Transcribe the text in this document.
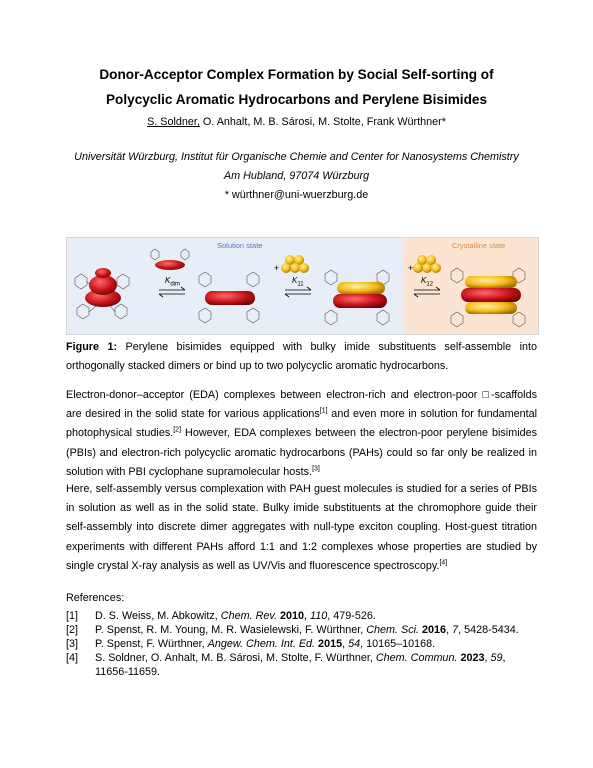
Donor-Acceptor Complex Formation by Social Self-sorting of
Polycyclic Aromatic Hydrocarbons and Perylene Bisimides
S. Soldner, O. Anhalt, M. B. Sárosi, M. Stolte, Frank Würthner*
Universität Würzburg, Institut für Organische Chemie and Center for Nanosystems Chemistry
Am Hubland, 97074 Würzburg
* würthner@uni-wuerzburg.de
+	+
Solution state	Crystalline state
$K_{dim}$	$K_{11}$	$K_{12}$
Figure 1: Perylene bisimides equipped with bulky imide substituents self-assemble into orthogonally stacked dimers or bind up to two polycyclic aromatic hydrocarbons.
Electron-donor–acceptor (EDA) complexes between electron-rich and electron-poor □-scaffolds are desired in the solid state for various applications[1] and even more in solution for fundamental photophysical studies.[2] However, EDA complexes between the electron-poor perylene bisimides (PBIs) and electron-rich polycyclic aromatic hydrocarbons (PAHs) could so far only be realized in solution with PBI cyclophane supramolecular hosts.[3]
Here, self-assembly versus complexation with PAH guest molecules is studied for a series of PBIs in solution as well as in the solid state. Bulky imide substituents at the chromophore guide their self-assembly into discrete dimer aggregates with null-type exciton coupling. Host-guest titration experiments with different PAHs afford 1:1 and 1:2 complexes whose properties are studied by single crystal X-ray analysis as well as UV/Vis and fluorescence spectroscopy.[4]
References:
[1] D. S. Weiss, M. Abkowitz, Chem. Rev. 2010, 110, 479-526.
[2] P. Spenst, R. M. Young, M. R. Wasielewski, F. Würthner, Chem. Sci. 2016, 7, 5428-5434.
[3] P. Spenst, F. Würthner, Angew. Chem. Int. Ed. 2015, 54, 10165–10168.
[4] S. Soldner, O. Anhalt, M. B. Sárosi, M. Stolte, F. Würthner, Chem. Commun. 2023, 59, 11656-11659.
